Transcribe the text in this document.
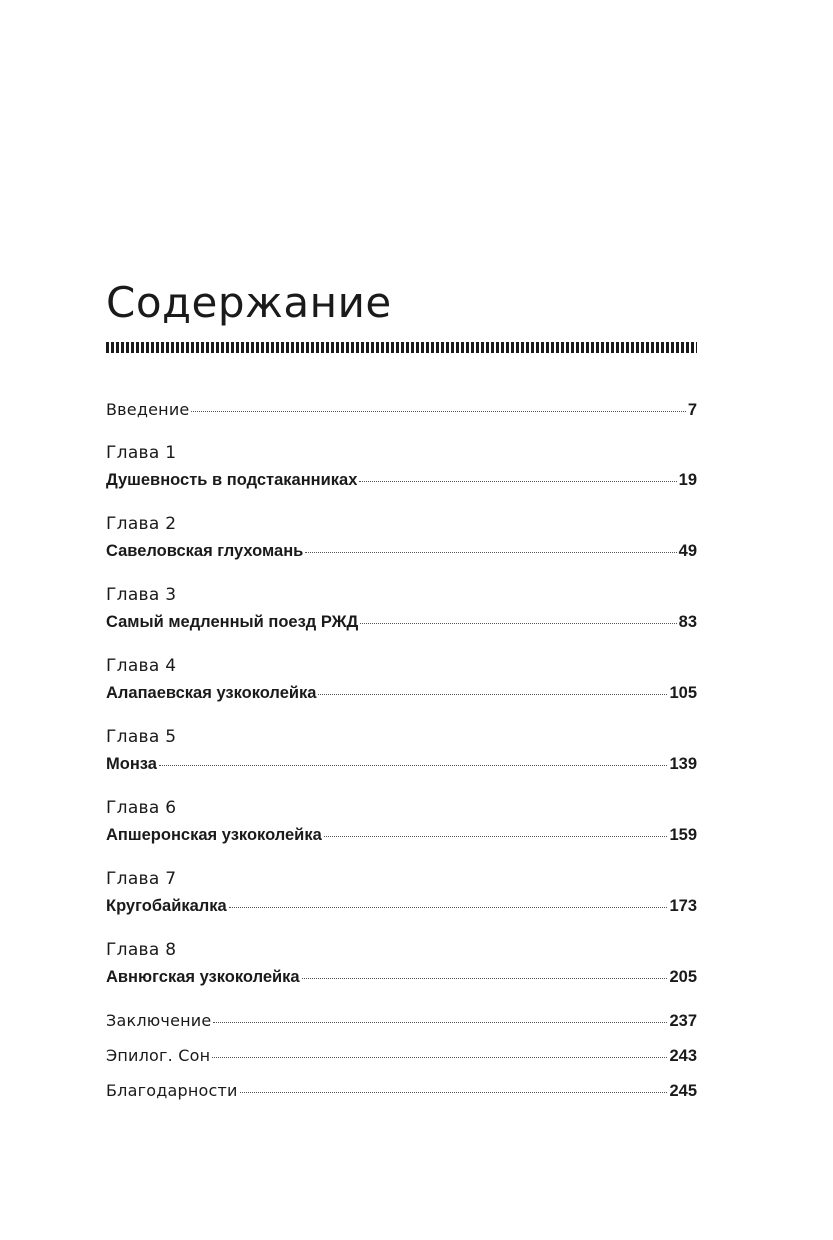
Содержание
Введение	7
Глава 1
Душевность в подстаканниках	19
Глава 2
Савеловская глухомань	49
Глава 3
Самый медленный поезд РЖД	83
Глава 4
Алапаевская узкоколейка	105
Глава 5
Монза	139
Глава 6
Апшеронская узкоколейка	159
Глава 7
Кругобайкалка	173
Глава 8
Авнюгская узкоколейка	205
Заключение	237
Эпилог. Сон	243
Благодарности	245
